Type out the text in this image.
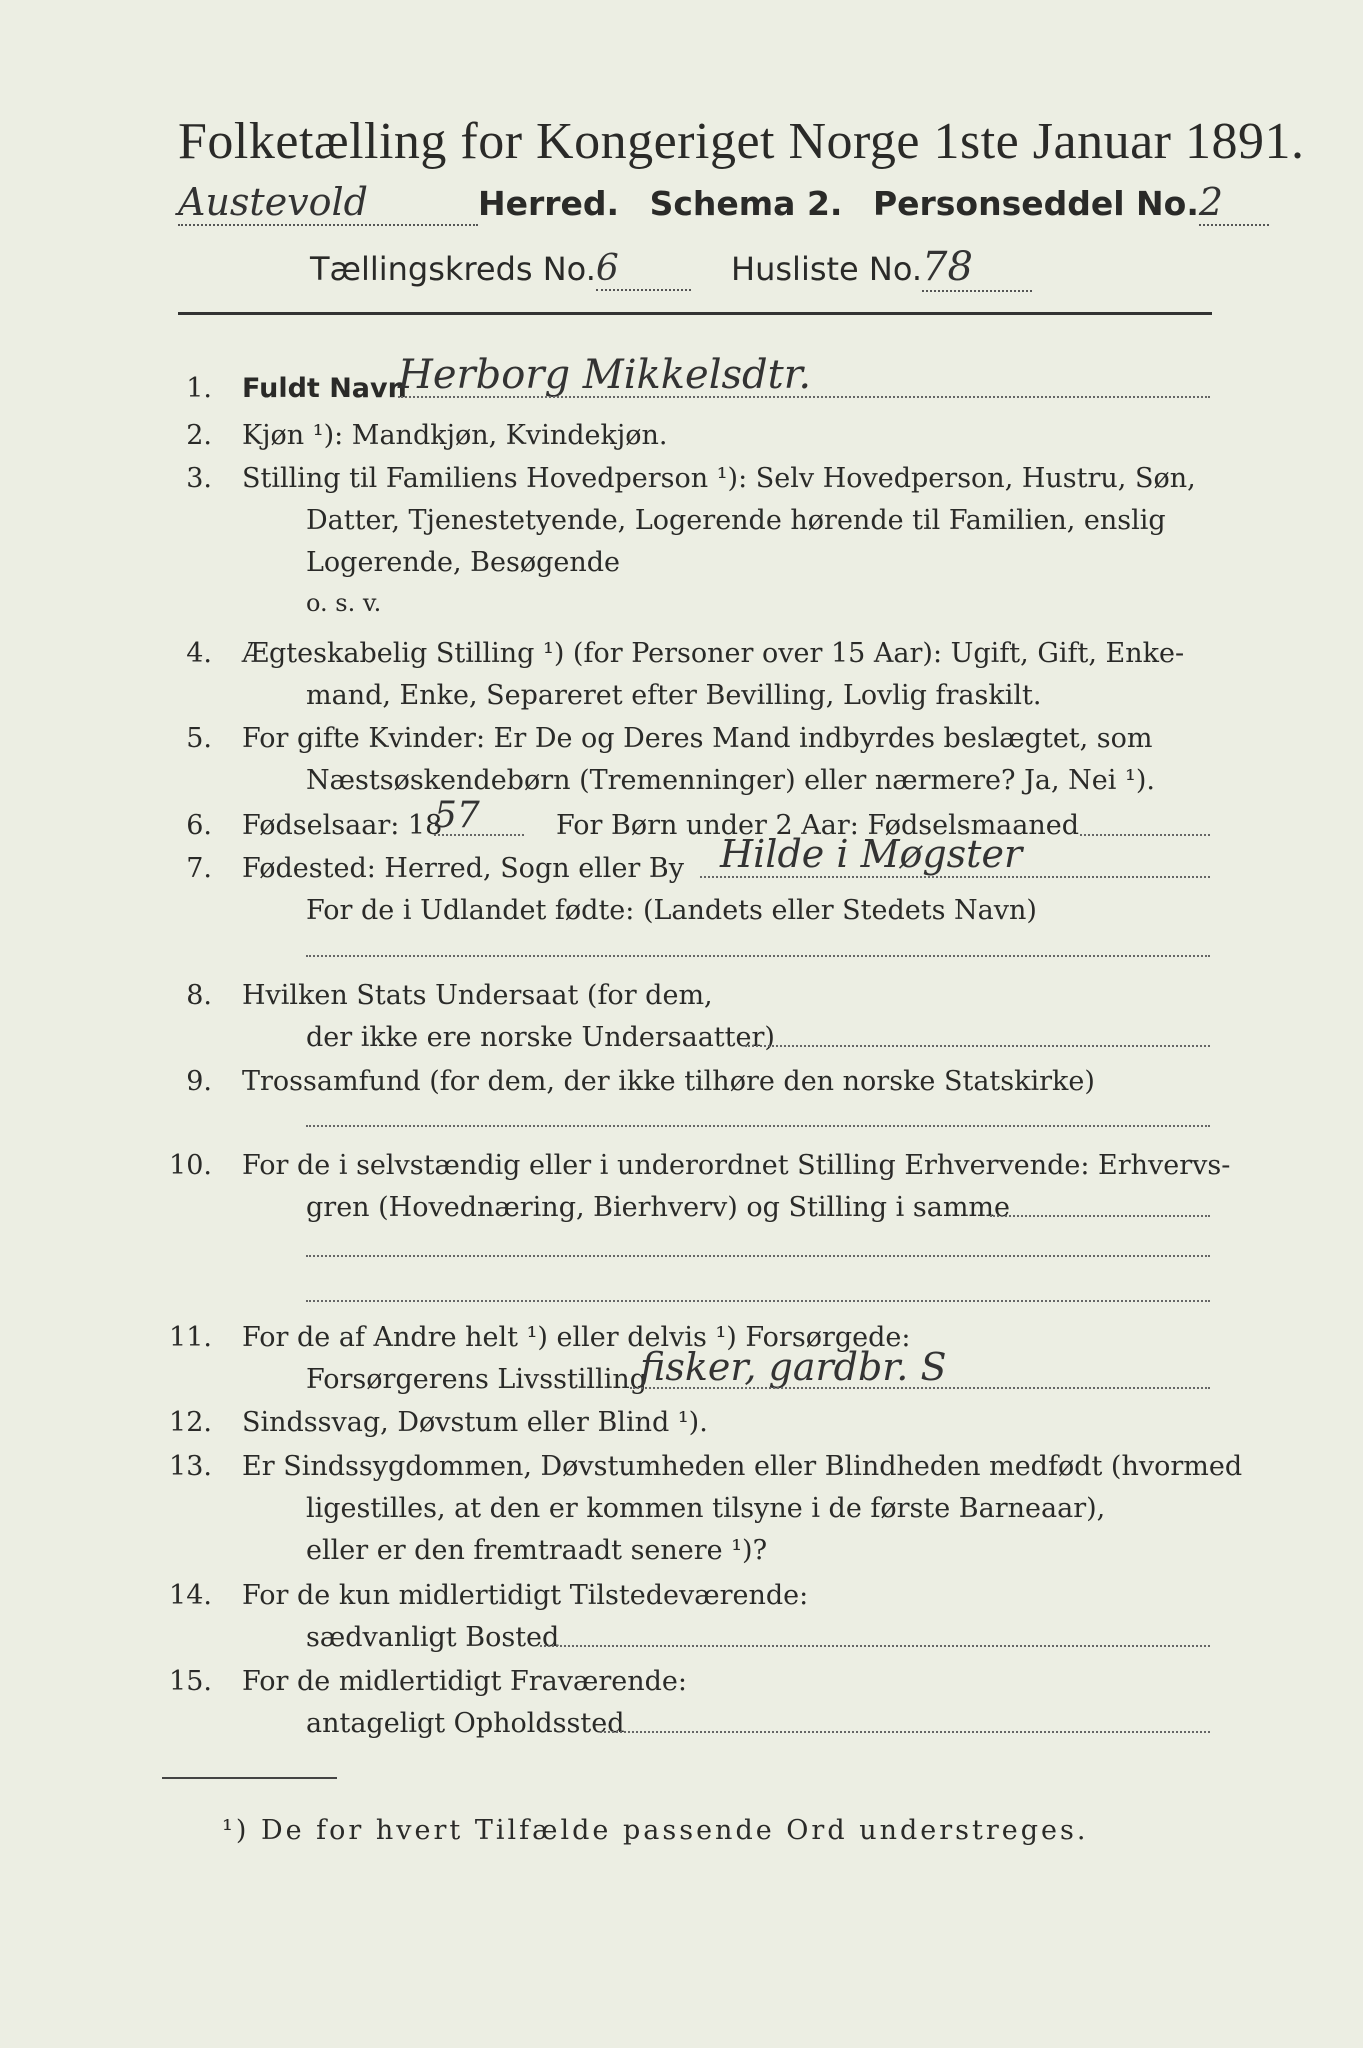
Folketælling for Kongeriget Norge 1ste Januar 1891.
Austevold	Herred. Schema 2. Personseddel No.2
Tællingskreds No.6	Husliste No.78
1. Fuldt Navn
Herborg Mikkelsdtr.
2. Kjøn ¹): Mandkjøn, Kvindekjøn.
3. Stilling til Familiens Hovedperson ¹): Selv Hovedperson, Hustru, Søn,
Datter, Tjenestetyende, Logerende hørende til Familien, enslig
Logerende, Besøgende
o. s. v.
4. Ægteskabelig Stilling ¹) (for Personer over 15 Aar): Ugift, Gift, Enke-
mand, Enke, Separeret efter Bevilling, Lovlig fraskilt.
5. For gifte Kvinder: Er De og Deres Mand indbyrdes beslægtet, som
Næstsøskendebørn (Tremenninger) eller nærmere? Ja, Nei ¹).
6. Fødselsaar: 18
57	For Børn under 2 Aar: Fødselsmaaned
7. Fødested: Herred, Sogn eller By Hilde i Møgster
For de i Udlandet fødte: (Landets eller Stedets Navn)
8. Hvilken Stats Undersaat (for dem,
der ikke ere norske Undersaatter)
9. Trossamfund (for dem, der ikke tilhøre den norske Statskirke)
10. For de i selvstændig eller i underordnet Stilling Erhvervende: Erhvervs-
gren (Hovednæring, Bierhverv) og Stilling i samme
11. For de af Andre helt ¹) eller delvis ¹) Forsørgede:
Forsørgerens Livsstilling
fisker, gardbr. S
12. Sindssvag, Døvstum eller Blind ¹).
13. Er Sindssygdommen, Døvstumheden eller Blindheden medfødt (hvormed
ligestilles, at den er kommen tilsyne i de første Barneaar),
eller er den fremtraadt senere ¹)?
14. For de kun midlertidigt Tilstedeværende:
sædvanligt Bosted
15. For de midlertidigt Fraværende:
antageligt Opholdssted
¹) De for hvert Tilfælde passende Ord understreges.
